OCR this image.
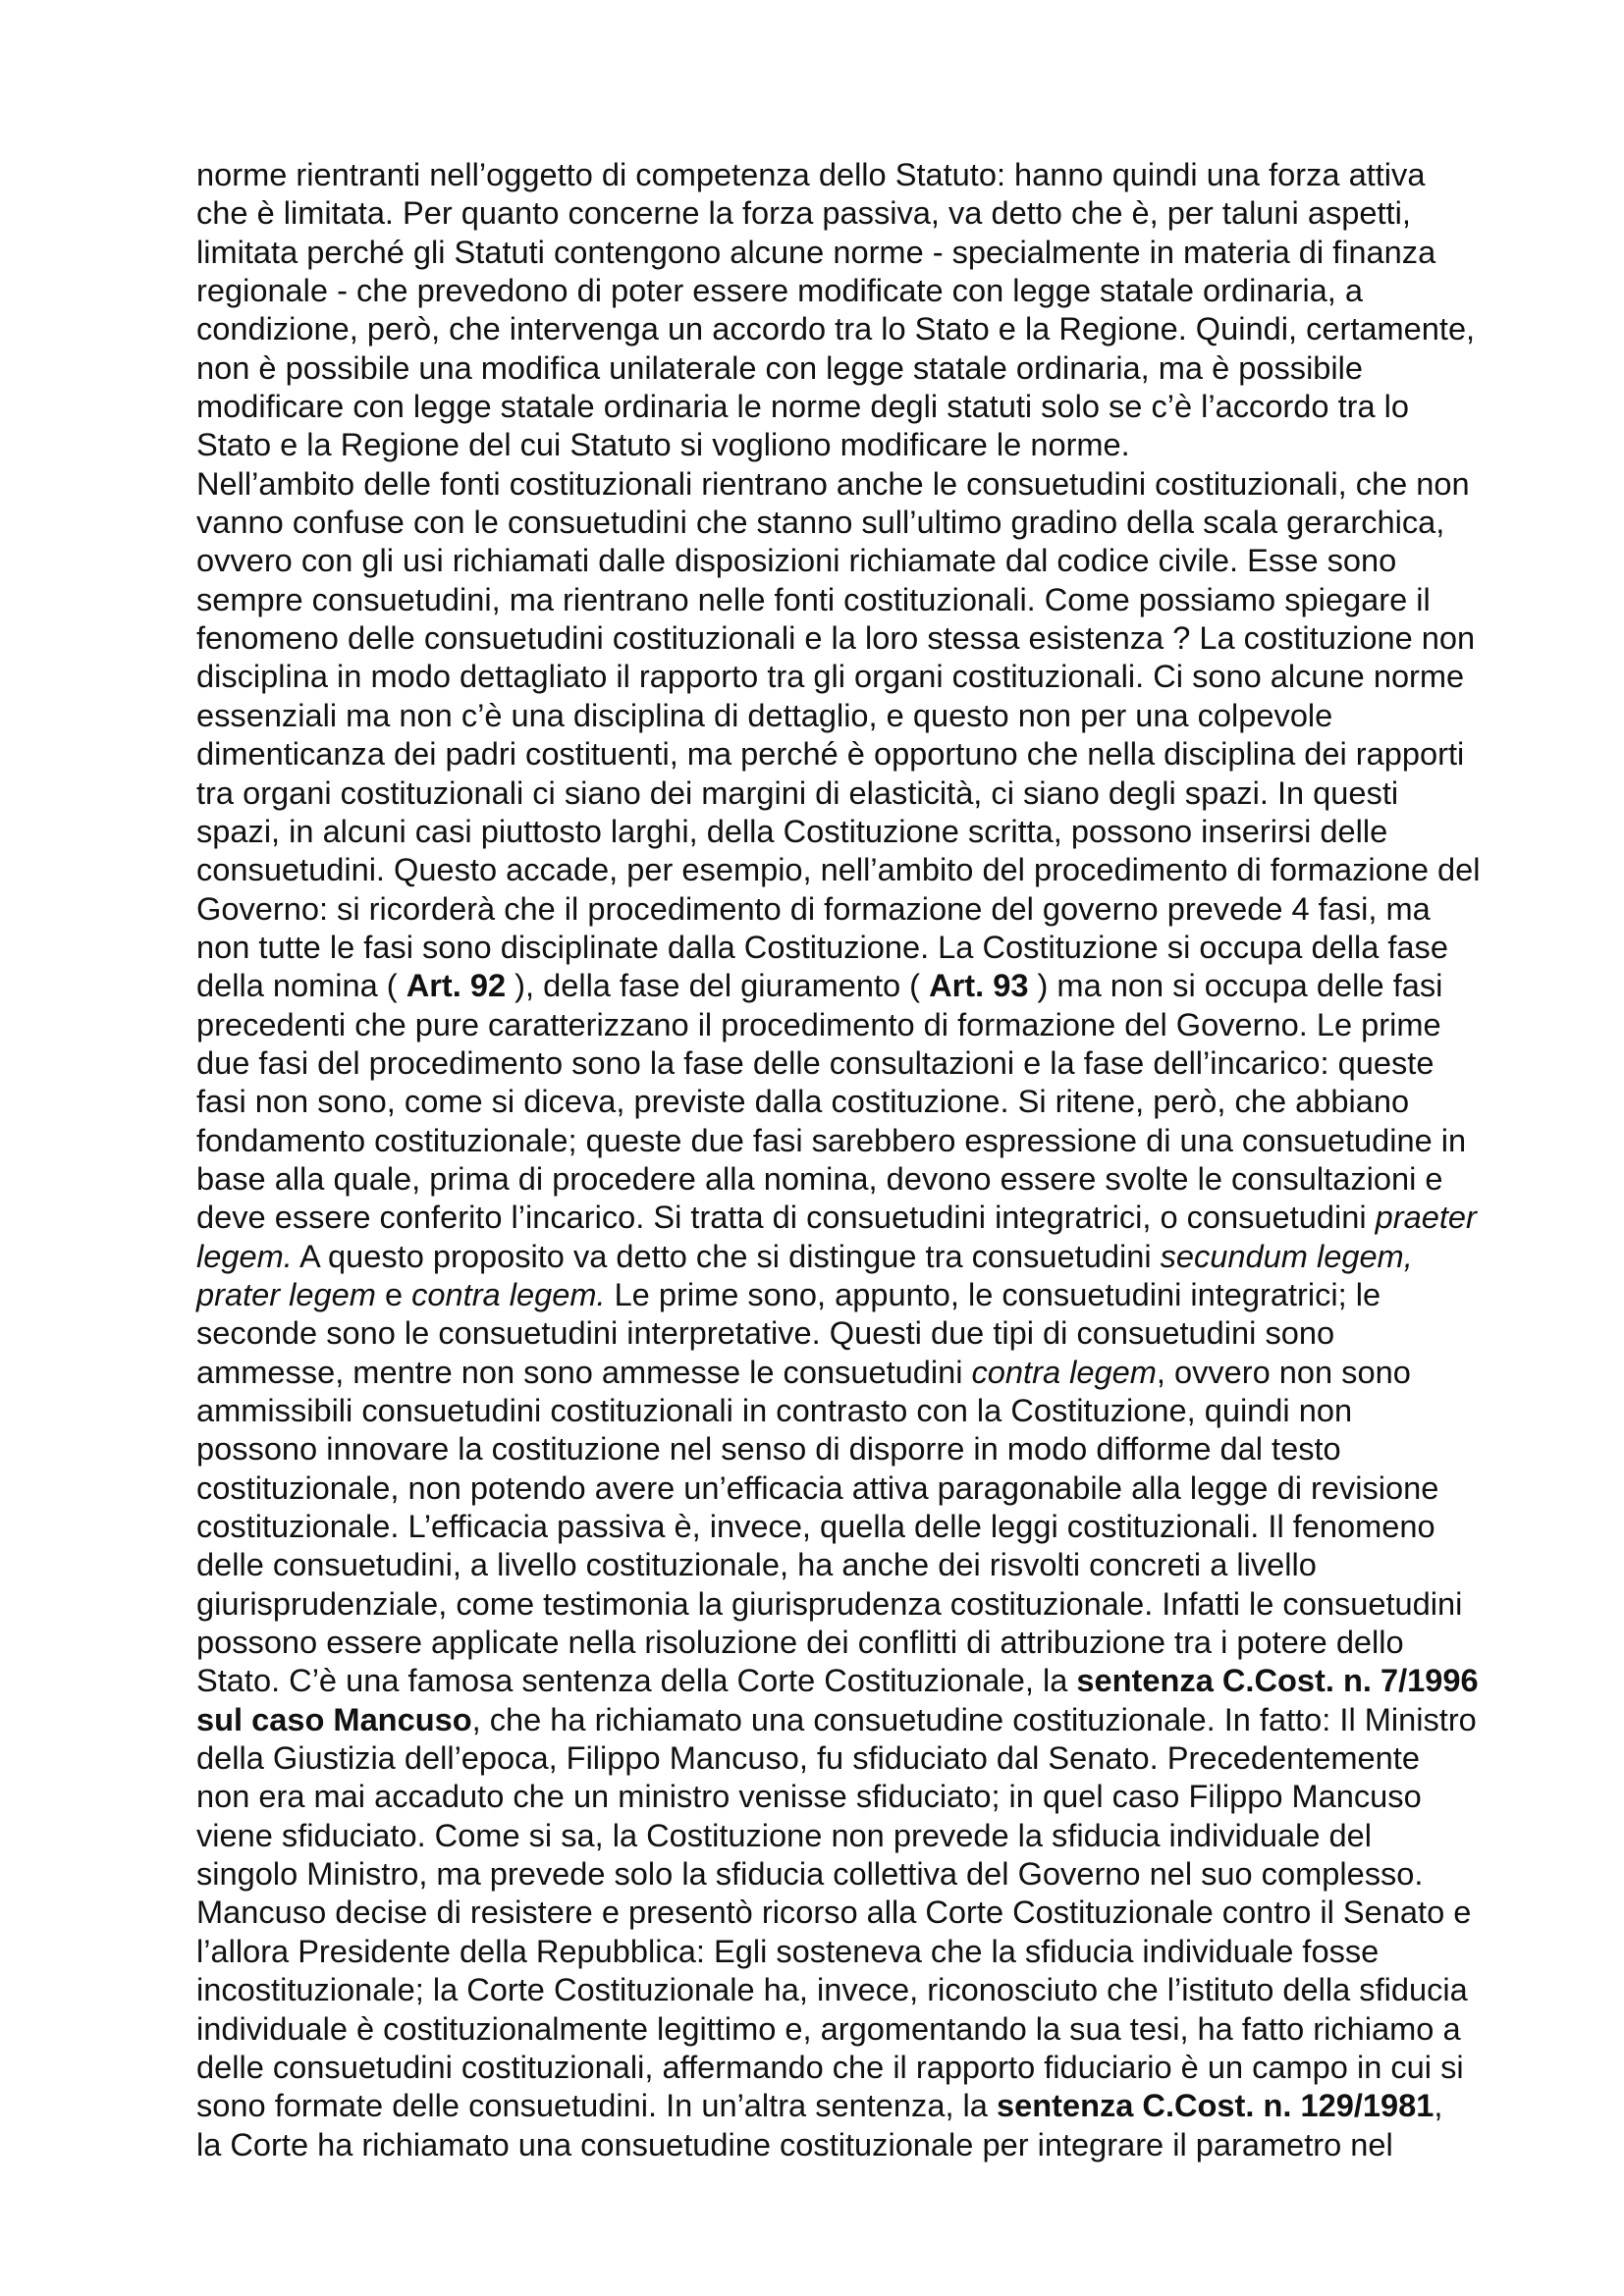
norme rientranti nell’oggetto di competenza dello Statuto: hanno quindi una forza attiva
che è limitata. Per quanto concerne la forza passiva, va detto che è, per taluni aspetti,
limitata perché gli Statuti contengono alcune norme - specialmente in materia di finanza
regionale - che prevedono di poter essere modificate con legge statale ordinaria, a
condizione, però, che intervenga un accordo tra lo Stato e la Regione. Quindi, certamente,
non è possibile una modifica unilaterale con legge statale ordinaria, ma è possibile
modificare con legge statale ordinaria le norme degli statuti solo se c’è l’accordo tra lo
Stato e la Regione del cui Statuto si vogliono modificare le norme.
Nell’ambito delle fonti costituzionali rientrano anche le consuetudini costituzionali, che non
vanno confuse con le consuetudini che stanno sull’ultimo gradino della scala gerarchica,
ovvero con gli usi richiamati dalle disposizioni richiamate dal codice civile. Esse sono
sempre consuetudini, ma rientrano nelle fonti costituzionali. Come possiamo spiegare il
fenomeno delle consuetudini costituzionali e la loro stessa esistenza ? La costituzione non
disciplina in modo dettagliato il rapporto tra gli organi costituzionali. Ci sono alcune norme
essenziali ma non c’è una disciplina di dettaglio, e questo non per una colpevole
dimenticanza dei padri costituenti, ma perché è opportuno che nella disciplina dei rapporti
tra organi costituzionali ci siano dei margini di elasticità, ci siano degli spazi. In questi
spazi, in alcuni casi piuttosto larghi, della Costituzione scritta, possono inserirsi delle
consuetudini. Questo accade, per esempio, nell’ambito del procedimento di formazione del
Governo: si ricorderà che il procedimento di formazione del governo prevede 4 fasi, ma
non tutte le fasi sono disciplinate dalla Costituzione. La Costituzione si occupa della fase
della nomina ( Art. 92 ), della fase del giuramento ( Art. 93 ) ma non si occupa delle fasi
precedenti che pure caratterizzano il procedimento di formazione del Governo. Le prime
due fasi del procedimento sono la fase delle consultazioni e la fase dell’incarico: queste
fasi non sono, come si diceva, previste dalla costituzione. Si ritene, però, che abbiano
fondamento costituzionale; queste due fasi sarebbero espressione di una consuetudine in
base alla quale, prima di procedere alla nomina, devono essere svolte le consultazioni e
deve essere conferito l’incarico. Si tratta di consuetudini integratrici, o consuetudini praeter
legem. A questo proposito va detto che si distingue tra consuetudini secundum legem,
prater legem e contra legem. Le prime sono, appunto, le consuetudini integratrici; le
seconde sono le consuetudini interpretative. Questi due tipi di consuetudini sono
ammesse, mentre non sono ammesse le consuetudini contra legem, ovvero non sono
ammissibili consuetudini costituzionali in contrasto con la Costituzione, quindi non
possono innovare la costituzione nel senso di disporre in modo difforme dal testo
costituzionale, non potendo avere un’efficacia attiva paragonabile alla legge di revisione
costituzionale. L’efficacia passiva è, invece, quella delle leggi costituzionali. Il fenomeno
delle consuetudini, a livello costituzionale, ha anche dei risvolti concreti a livello
giurisprudenziale, come testimonia la giurisprudenza costituzionale. Infatti le consuetudini
possono essere applicate nella risoluzione dei conflitti di attribuzione tra i potere dello
Stato. C’è una famosa sentenza della Corte Costituzionale, la sentenza C.Cost. n. 7/1996
sul caso Mancuso, che ha richiamato una consuetudine costituzionale. In fatto: Il Ministro
della Giustizia dell’epoca, Filippo Mancuso, fu sfiduciato dal Senato. Precedentemente
non era mai accaduto che un ministro venisse sfiduciato; in quel caso Filippo Mancuso
viene sfiduciato. Come si sa, la Costituzione non prevede la sfiducia individuale del
singolo Ministro, ma prevede solo la sfiducia collettiva del Governo nel suo complesso.
Mancuso decise di resistere e presentò ricorso alla Corte Costituzionale contro il Senato e
l’allora Presidente della Repubblica: Egli sosteneva che la sfiducia individuale fosse
incostituzionale; la Corte Costituzionale ha, invece, riconosciuto che l’istituto della sfiducia
individuale è costituzionalmente legittimo e, argomentando la sua tesi, ha fatto richiamo a
delle consuetudini costituzionali, affermando che il rapporto fiduciario è un campo in cui si
sono formate delle consuetudini. In un’altra sentenza, la sentenza C.Cost. n. 129/1981,
la Corte ha richiamato una consuetudine costituzionale per integrare il parametro nel
